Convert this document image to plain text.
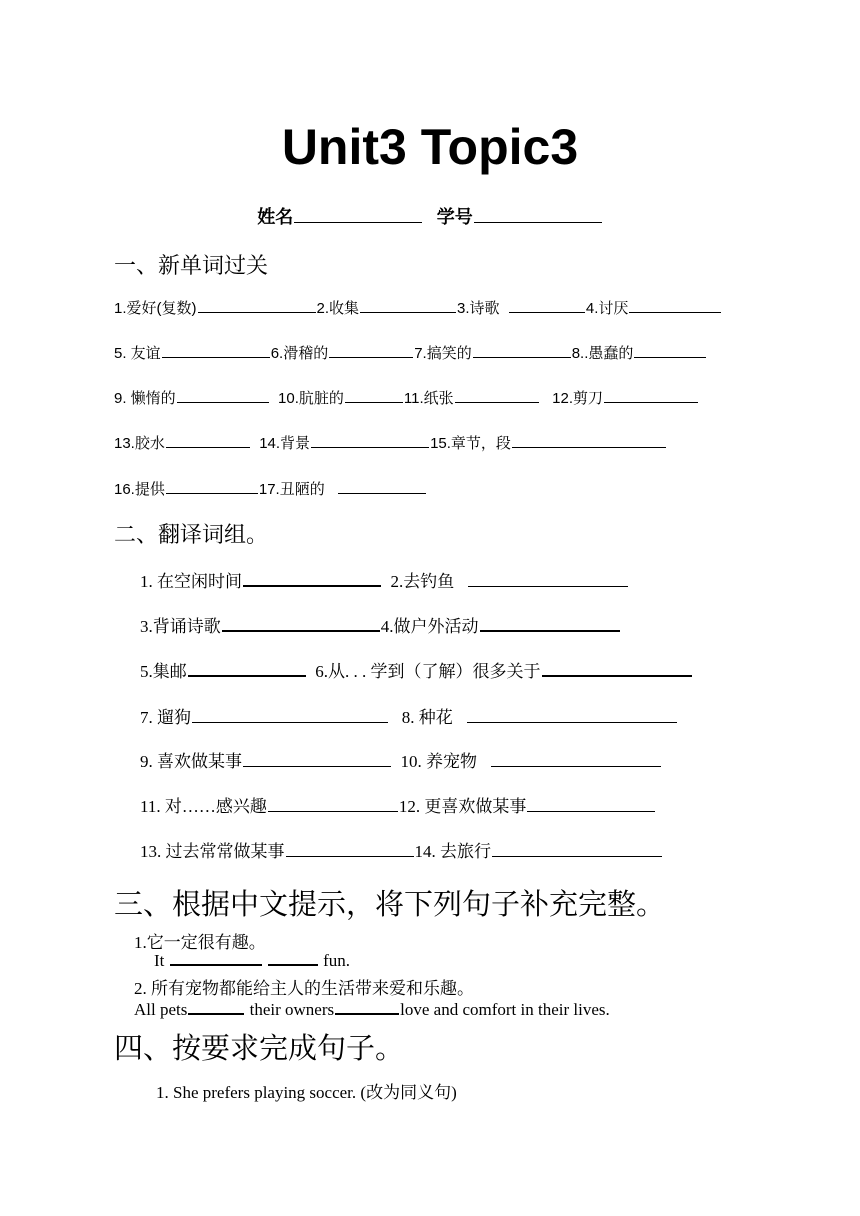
Unit3 Topic3
姓名	学号
一、新单词过关
1.爱好(复数)	2.收集	3.诗歌	4.讨厌
5. 友谊	6.滑稽的	7.搞笑的	8..愚蠢的
9. 懒惰的	10.肮脏的	11.纸张	12.剪刀
13.胶水	14.背景	15.章节，段
16.提供	17.丑陋的
二、翻译词组。
1. 在空闲时间	2.去钓鱼
3.背诵诗歌	4.做户外活动
5.集邮	6.从. . . 学到（了解）很多关于
7. 遛狗	8. 种花
9. 喜欢做某事	10. 养宠物
11. 对……感兴趣	12. 更喜欢做某事
13. 过去常常做某事	14. 去旅行
三、根据中文提示，将下列句子补充完整。
1.它一定很有趣。
It	fun.
2. 所有宠物都能给主人的生活带来爱和乐趣。
All pets	their owners	love and comfort in their lives.
四、按要求完成句子。
1. She prefers playing soccer. (改为同义句)
